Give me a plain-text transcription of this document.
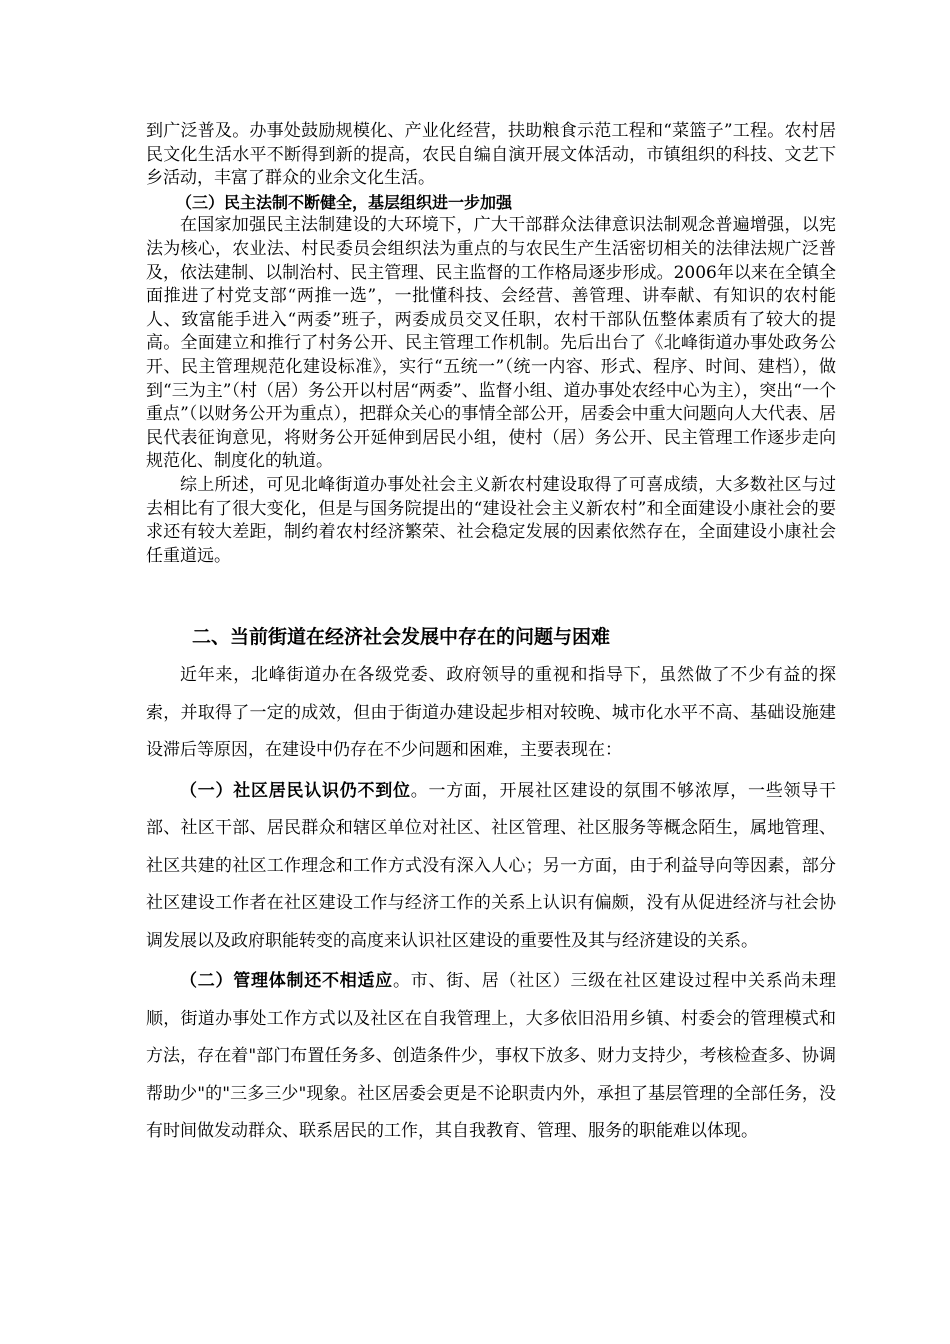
到广泛普及。办事处鼓励规模化、产业化经营，扶助粮食示范工程和“菜篮子”工程。农村居民文化生活水平不断得到新的提高，农民自编自演开展文体活动，市镇组织的科技、文艺下乡活动，丰富了群众的业余文化生活。

（三）民主法制不断健全，基层组织进一步加强

在国家加强民主法制建设的大环境下，广大干部群众法律意识法制观念普遍增强，以宪法为核心，农业法、村民委员会组织法为重点的与农民生产生活密切相关的法律法规广泛普及，依法建制、以制治村、民主管理、民主监督的工作格局逐步形成。2006年以来在全镇全面推进了村党支部“两推一选”，一批懂科技、会经营、善管理、讲奉献、有知识的农村能人、致富能手进入“两委”班子，两委成员交叉任职，农村干部队伍整体素质有了较大的提高。全面建立和推行了村务公开、民主管理工作机制。先后出台了《北峰街道办事处政务公开、民主管理规范化建设标准》，实行“五统一”（统一内容、形式、程序、时间、建档），做到“三为主”（村（居）务公开以村居“两委”、监督小组、道办事处农经中心为主），突出“一个重点”（以财务公开为重点），把群众关心的事情全部公开，居委会中重大问题向人大代表、居民代表征询意见，将财务公开延伸到居民小组，使村（居）务公开、民主管理工作逐步走向规范化、制度化的轨道。

综上所述，可见北峰街道办事处社会主义新农村建设取得了可喜成绩，大多数社区与过去相比有了很大变化，但是与国务院提出的“建设社会主义新农村”和全面建设小康社会的要求还有较大差距，制约着农村经济繁荣、社会稳定发展的因素依然存在，全面建设小康社会任重道远。

二、当前街道在经济社会发展中存在的问题与困难

近年来，北峰街道办在各级党委、政府领导的重视和指导下，虽然做了不少有益的探索，并取得了一定的成效，但由于街道办建设起步相对较晚、城市化水平不高、基础设施建设滞后等原因，在建设中仍存在不少问题和困难，主要表现在：

（一）社区居民认识仍不到位。一方面，开展社区建设的氛围不够浓厚，一些领导干部、社区干部、居民群众和辖区单位对社区、社区管理、社区服务等概念陌生，属地管理、社区共建的社区工作理念和工作方式没有深入人心；另一方面，由于利益导向等因素，部分社区建设工作者在社区建设工作与经济工作的关系上认识有偏颇，没有从促进经济与社会协调发展以及政府职能转变的高度来认识社区建设的重要性及其与经济建设的关系。

（二）管理体制还不相适应。市、街、居（社区）三级在社区建设过程中关系尚未理顺，街道办事处工作方式以及社区在自我管理上，大多依旧沿用乡镇、村委会的管理模式和方法，存在着"部门布置任务多、创造条件少，事权下放多、财力支持少，考核检查多、协调帮助少"的"三多三少"现象。社区居委会更是不论职责内外，承担了基层管理的全部任务，没有时间做发动群众、联系居民的工作，其自我教育、管理、服务的职能难以体现。
